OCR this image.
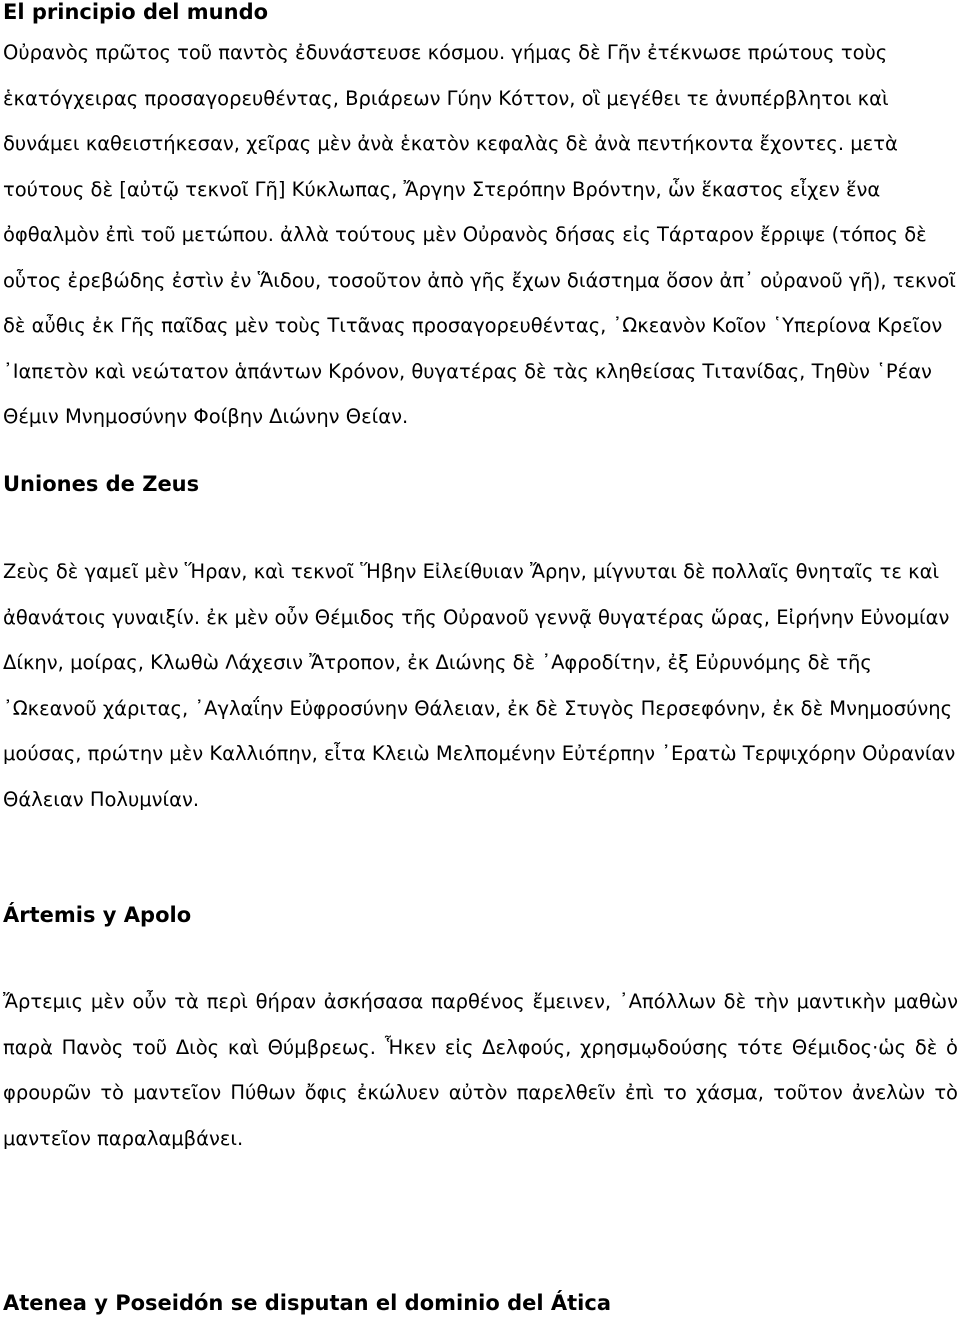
El principio del mundo

Οὐρανὸς πρῶτος τοῦ παντὸς ἐδυνάστευσε κόσμου. γήμας δὲ Γῆν ἐτέκνωσε πρώτους τοὺς ἑκατόγχειρας προσαγορευθέντας, Βριάρεων Γύην Κόττον, οἳ μεγέθει τε ἀνυπέρβλητοι καὶ δυνάμει καθειστήκεσαν, χεῖρας μὲν ἀνὰ ἑκατὸν κεφαλὰς δὲ ἀνὰ πεντήκοντα ἔχοντες. μετὰ τούτους δὲ [αὐτῷ τεκνοῖ Γῆ] Κύκλωπας, Ἄργην Στερόπην Βρόντην, ὧν ἕκαστος εἶχεν ἕνα ὀφθαλμὸν ἐπὶ τοῦ μετώπου. ἀλλὰ τούτους μὲν Οὐρανὸς δήσας εἰς Τάρταρον ἔρριψε (τόπος δὲ οὗτος ἐρεβώδης ἐστὶν ἐν Ἅιδου, τοσοῦτον ἀπὸ γῆς ἔχων διάστημα ὅσον ἀπ᾽ οὐρανοῦ γῆ), τεκνοῖ δὲ αὖθις ἐκ Γῆς παῖδας μὲν τοὺς Τιτᾶνας προσαγορευθέντας, ᾽Ωκεανὸν Κοῖον ῾Υπερίονα Κρεῖον ᾽Ιαπετὸν καὶ νεώτατον ἁπάντων Κρόνον, θυγατέρας δὲ τὰς κληθείσας Τιτανίδας, Τηθὺν ῾Ρέαν Θέμιν Μνημοσύνην Φοίβην Διώνην Θείαν.

Uniones de Zeus

Ζεὺς δὲ γαμεῖ μὲν Ἥραν, καὶ τεκνοῖ Ἥβην Εἰλείθυιαν Ἄρην, μίγνυται δὲ πολλαῖς θνηταῖς τε καὶ ἀθανάτοις γυναιξίν. ἐκ μὲν οὖν Θέμιδος τῆς Οὐρανοῦ γεννᾷ θυγατέρας ὥρας, Εἰρήνην Εὐνομίαν Δίκην, μοίρας, Κλωθὼ Λάχεσιν Ἄτροπον, ἐκ Διώνης δὲ ᾽Αφροδίτην, ἐξ Εὐρυνόμης δὲ τῆς ᾽Ωκεανοῦ χάριτας, ᾽Αγλαΐην Εὐφροσύνην Θάλειαν, ἐκ δὲ Στυγὸς Περσεφόνην, ἐκ δὲ Μνημοσύνης μούσας, πρώτην μὲν Καλλιόπην, εἶτα Κλειὼ Μελπομένην Εὐτέρπην ᾽Ερατὼ Τερψιχόρην Οὐρανίαν Θάλειαν Πολυμνίαν.

Ártemis y Apolo

Ἄρτεμις μὲν οὖν τὰ περὶ θήραν ἀσκήσασα παρθένος ἔμεινεν, ᾽Απόλλων δὲ τὴν μαντικὴν μαθὼν παρὰ Πανὸς τοῦ Διὸς καὶ Θύμβρεως. Ἧκεν εἰς Δελφούς, χρησμῳδούσης τότε Θέμιδος·ὡς δὲ ὁ φρουρῶν τὸ μαντεῖον Πύθων ὄφις ἐκώλυεν αὐτὸν παρελθεῖν ἐπὶ το χάσμα, τοῦτον ἀνελὼν τὸ μαντεῖον παραλαμβάνει.

Atenea y Poseidón se disputan el dominio del Ática
